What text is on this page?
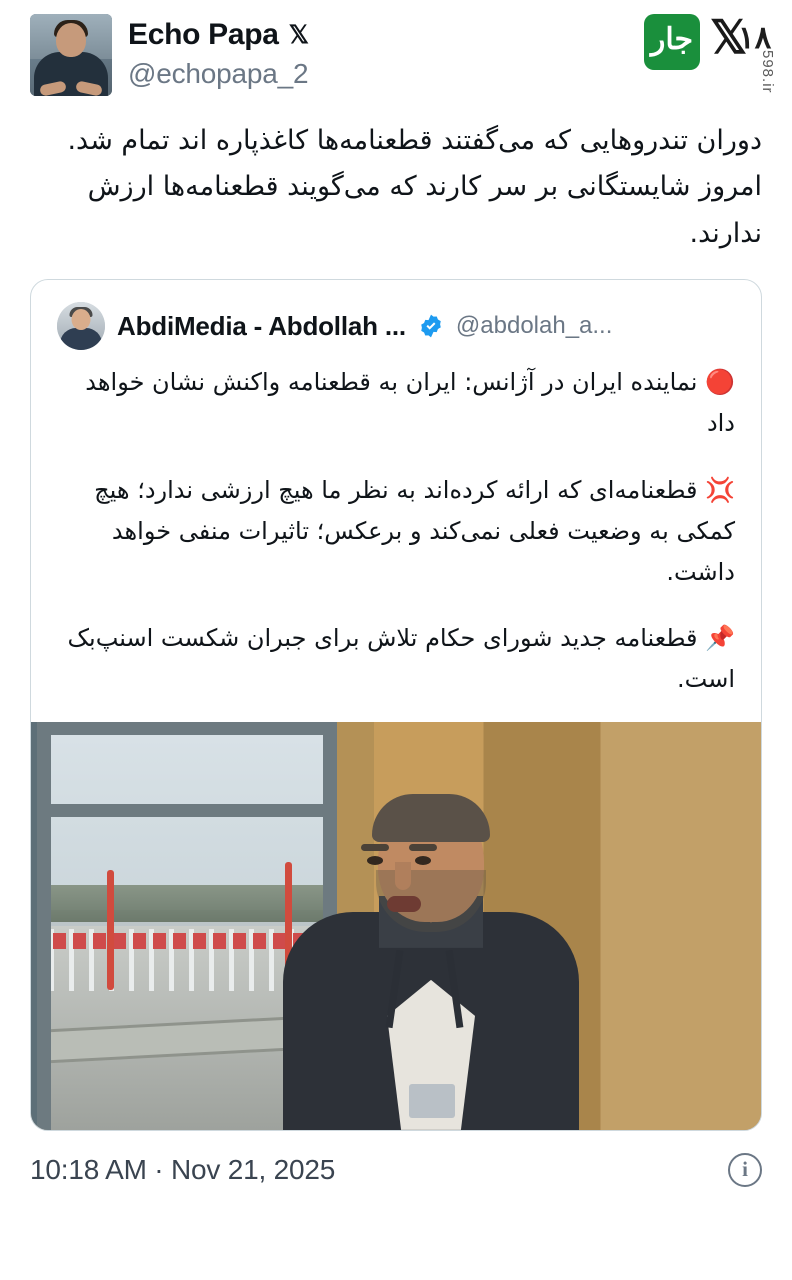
Echo Papa 𝕏
@echopapa_2
جار 𝕏
۱۸
598.ir
دوران تندروهایی که می‌گفتند قطعنامه‌ها کاغذپاره اند تمام شد. امروز شایستگانی بر سر کارند که می‌گویند قطعنامه‌ها ارزش ندارند.
AbdiMedia - Abdollah ... @abdolah_a...
🔴 نماینده ایران در آژانس: ایران به قطعنامه واکنش نشان خواهد داد
💢 قطعنامه‌ای که ارائه کرده‌اند به نظر ما هیچ ارزشی ندارد؛ هیچ کمکی به وضعیت فعلی نمی‌کند و برعکس؛ تاثیرات منفی خواهد داشت.
📌 قطعنامه جدید شورای حکام تلاش برای جبران شکست اسنپ‌بک است.
10:18 AM · Nov 21, 2025	i
